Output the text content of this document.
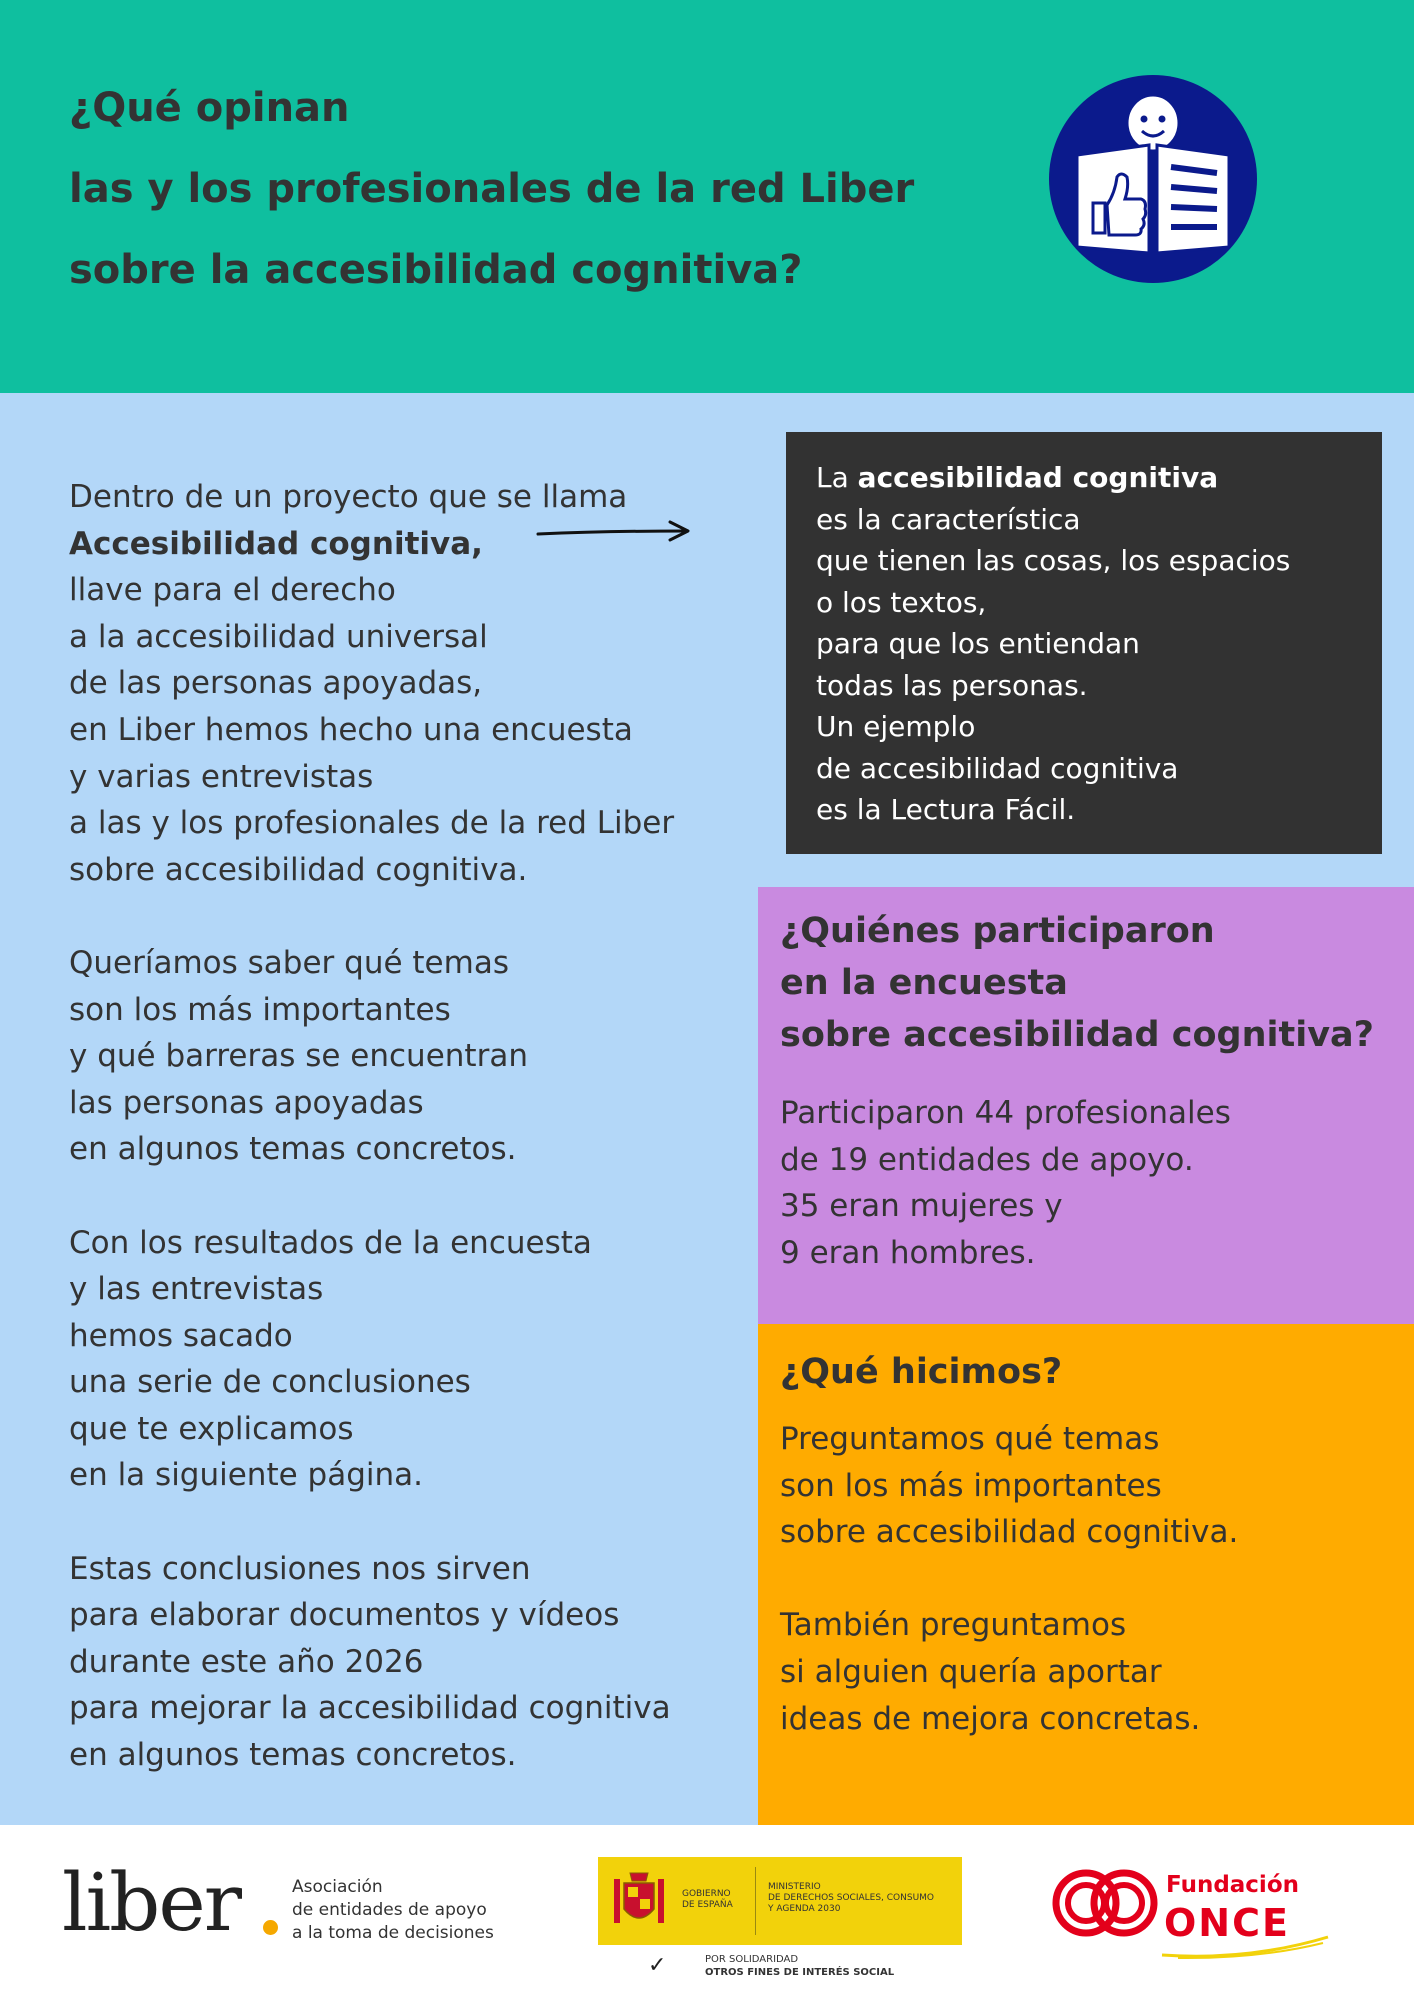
¿Qué opinan
las y los profesionales de la red Liber
sobre la accesibilidad cognitiva?

Dentro de un proyecto que se llama
Accesibilidad cognitiva,
llave para el derecho
a la accesibilidad universal
de las personas apoyadas,
en Liber hemos hecho una encuesta
y varias entrevistas
a las y los profesionales de la red Liber
sobre accesibilidad cognitiva.

Queríamos saber qué temas
son los más importantes
y qué barreras se encuentran
las personas apoyadas
en algunos temas concretos.

Con los resultados de la encuesta
y las entrevistas
hemos sacado
una serie de conclusiones
que te explicamos
en la siguiente página.

Estas conclusiones nos sirven
para elaborar documentos y vídeos
durante este año 2026
para mejorar la accesibilidad cognitiva
en algunos temas concretos.

La accesibilidad cognitiva
es la característica
que tienen las cosas, los espacios
o los textos,
para que los entiendan
todas las personas.
Un ejemplo
de accesibilidad cognitiva
es la Lectura Fácil.
¿Quiénes participaron
en la encuesta
sobre accesibilidad cognitiva?
Participaron 44 profesionales
de 19 entidades de apoyo.
35 eran mujeres y
9 eran hombres.
¿Qué hicimos?
Preguntamos qué temas
son los más importantes
sobre accesibilidad cognitiva.
También preguntamos
si alguien quería aportar
ideas de mejora concretas.
liber	Asociación
de entidades de apoyo
a la toma de decisiones
GOBIERNO
DE ESPAÑA
MINISTERIO
DE DERECHOS SOCIALES, CONSUMO
Y AGENDA 2030
✓	POR SOLIDARIDAD
OTROS FINES DE INTERÉS SOCIAL
Fundación
ONCE
